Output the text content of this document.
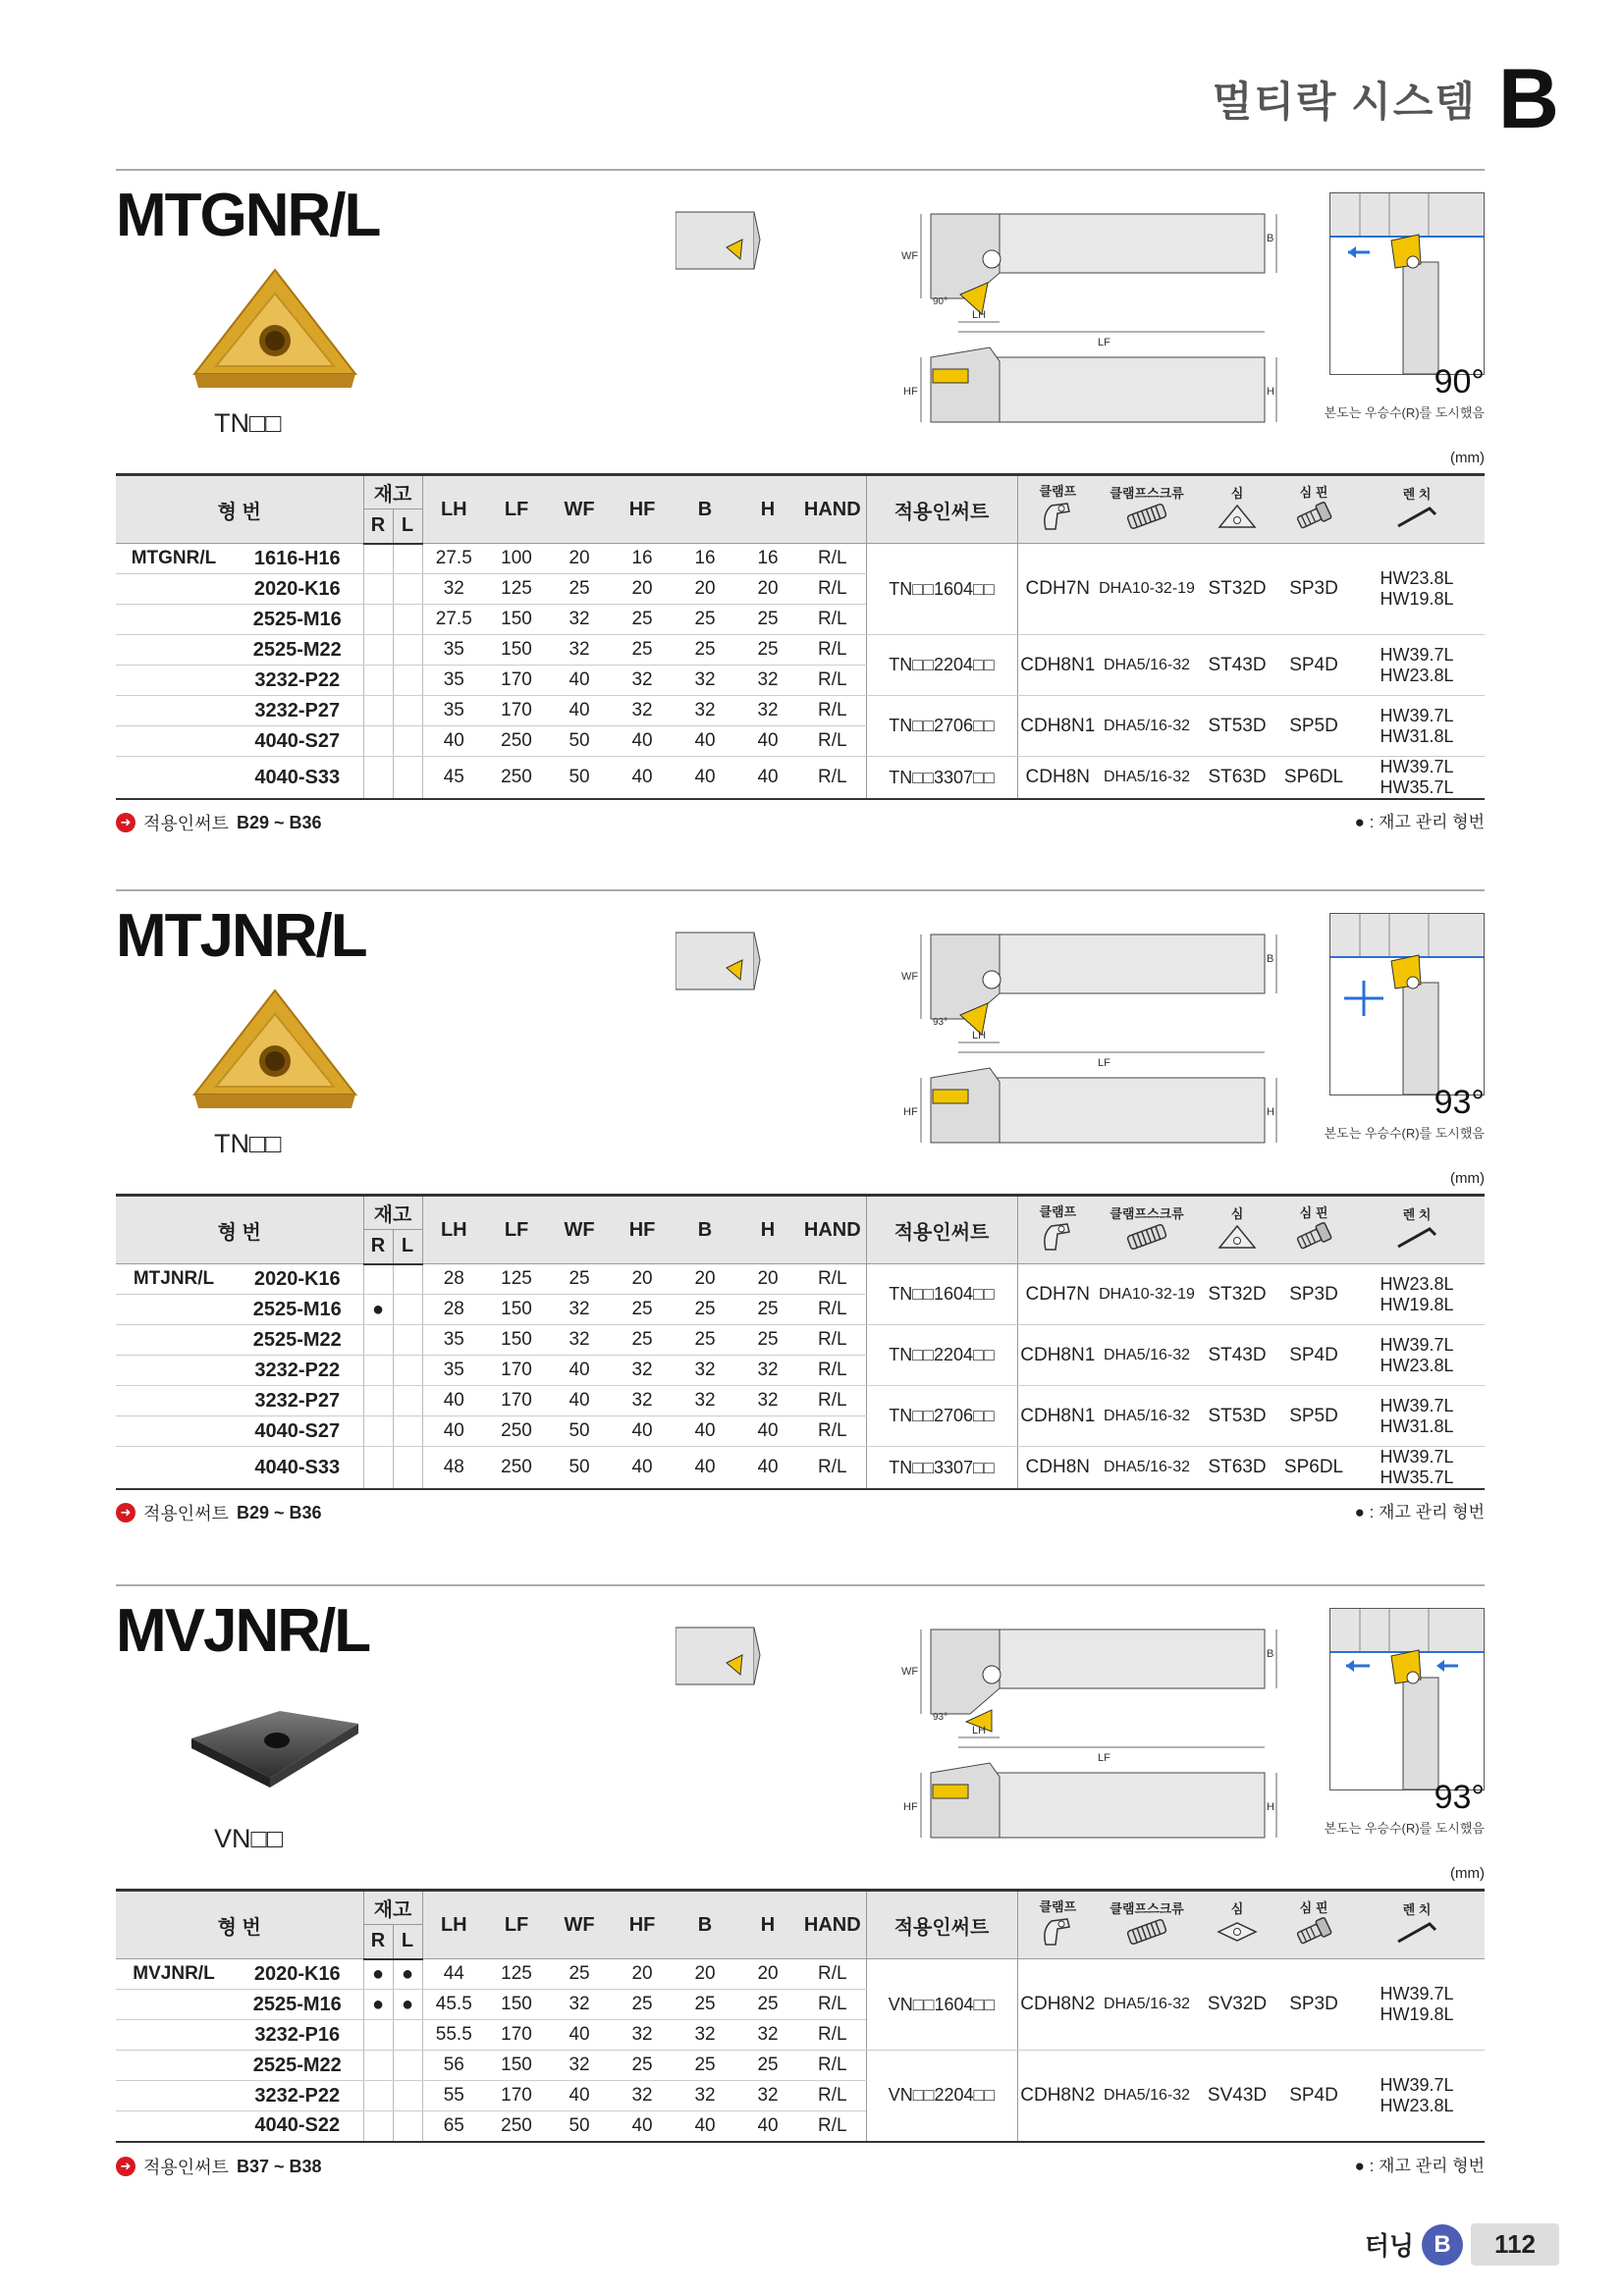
멀티락 시스템 B
MTGNR/L
TN□□
WF
B
LH
LF
90°
HF	H	90°
본도는 우승수(R)를 도시했음
(mm)
형 번		재고		LH	LF	WF	HF	B	H	HAND	적용인써트	클램프	클램프스크류	심	심 핀	렌 치

		R	L													
MTGNR/L	1616-H16			27.5	100	20	16	16	16	R/L	TN□□1604□□	CDH7N	DHA10-32-19	ST32D	SP3D	HW23.8L
HW19.8L

	2020-K16			32	125	25	20	20	20	R/L						
	2525-M16			27.5	150	32	25	25	25	R/L						
	2525-M22			35	150	32	25	25	25	R/L	TN□□2204□□	CDH8N1	DHA5/16-32	ST43D	SP4D	HW39.7L
HW23.8L

	3232-P22			35	170	40	32	32	32	R/L						
	3232-P27			35	170	40	32	32	32	R/L	TN□□2706□□	CDH8N1	DHA5/16-32	ST53D	SP5D	HW39.7L
HW31.8L

	4040-S27			40	250	50	40	40	40	R/L						
	4040-S33			45	250	50	40	40	40	R/L	TN□□3307□□	CDH8N	DHA5/16-32	ST63D	SP6DL	HW39.7L
HW35.7L
➜ 적용인써트 B29 ~ B36	● : 재고 관리 형번
MTJNR/L
TN□□
WF
B
LH
LF
93°
HF	H	93°
본도는 우승수(R)를 도시했음
(mm)
형 번		재고		LH	LF	WF	HF	B	H	HAND	적용인써트	클램프	클램프스크류	심	심 핀	렌 치

		R	L													
MTJNR/L	2020-K16			28	125	25	20	20	20	R/L	TN□□1604□□	CDH7N	DHA10-32-19	ST32D	SP3D	HW23.8L
HW19.8L

	2525-M16	●		28	150	32	25	25	25	R/L						
	2525-M22			35	150	32	25	25	25	R/L	TN□□2204□□	CDH8N1	DHA5/16-32	ST43D	SP4D	HW39.7L
HW23.8L

	3232-P22			35	170	40	32	32	32	R/L						
	3232-P27			40	170	40	32	32	32	R/L	TN□□2706□□	CDH8N1	DHA5/16-32	ST53D	SP5D	HW39.7L
HW31.8L

	4040-S27			40	250	50	40	40	40	R/L						
	4040-S33			48	250	50	40	40	40	R/L	TN□□3307□□	CDH8N	DHA5/16-32	ST63D	SP6DL	HW39.7L
HW35.7L
➜ 적용인써트 B29 ~ B36	● : 재고 관리 형번
MVJNR/L
VN□□
WF
B
LH
LF
93°
HF	H	93°
본도는 우승수(R)를 도시했음
(mm)
형 번		재고		LH	LF	WF	HF	B	H	HAND	적용인써트	클램프	클램프스크류	심	심 핀	렌 치

		R	L													
MVJNR/L	2020-K16	●	●	44	125	25	20	20	20	R/L	VN□□1604□□	CDH8N2	DHA5/16-32	SV32D	SP3D	HW39.7L
HW19.8L

	2525-M16	●	●	45.5	150	32	25	25	25	R/L						
	3232-P16			55.5	170	40	32	32	32	R/L						
	2525-M22			56	150	32	25	25	25	R/L	VN□□2204□□	CDH8N2	DHA5/16-32	SV43D	SP4D	HW39.7L
HW23.8L

	3232-P22			55	170	40	32	32	32	R/L						
	4040-S22			65	250	50	40	40	40	R/L						
➜ 적용인써트 B37 ~ B38	● : 재고 관리 형번
터닝 B	112
